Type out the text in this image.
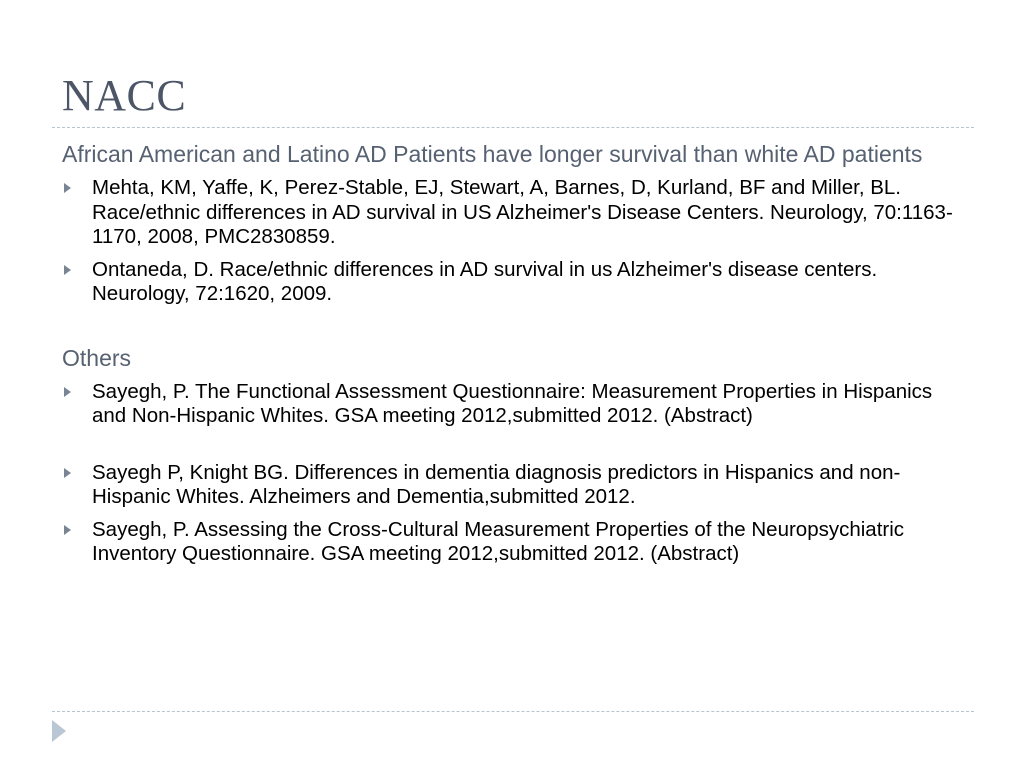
NACC

African American and Latino AD Patients have longer survival than white AD patients

Mehta, KM, Yaffe, K, Perez-Stable, EJ, Stewart, A, Barnes, D, Kurland, BF and Miller, BL. Race/ethnic differences in AD survival in US Alzheimer's Disease Centers. Neurology, 70:1163-1170, 2008, PMC2830859.
Ontaneda, D. Race/ethnic differences in AD survival in us Alzheimer's disease centers. Neurology, 72:1620, 2009.

Others

Sayegh, P. The Functional Assessment Questionnaire: Measurement Properties in Hispanics and Non-Hispanic Whites. GSA meeting 2012,submitted 2012. (Abstract)
Sayegh P, Knight BG. Differences in dementia diagnosis predictors in Hispanics and non-Hispanic Whites. Alzheimers and Dementia,submitted 2012.
Sayegh, P. Assessing the Cross-Cultural Measurement Properties of the Neuropsychiatric Inventory Questionnaire. GSA meeting 2012,submitted 2012. (Abstract)
